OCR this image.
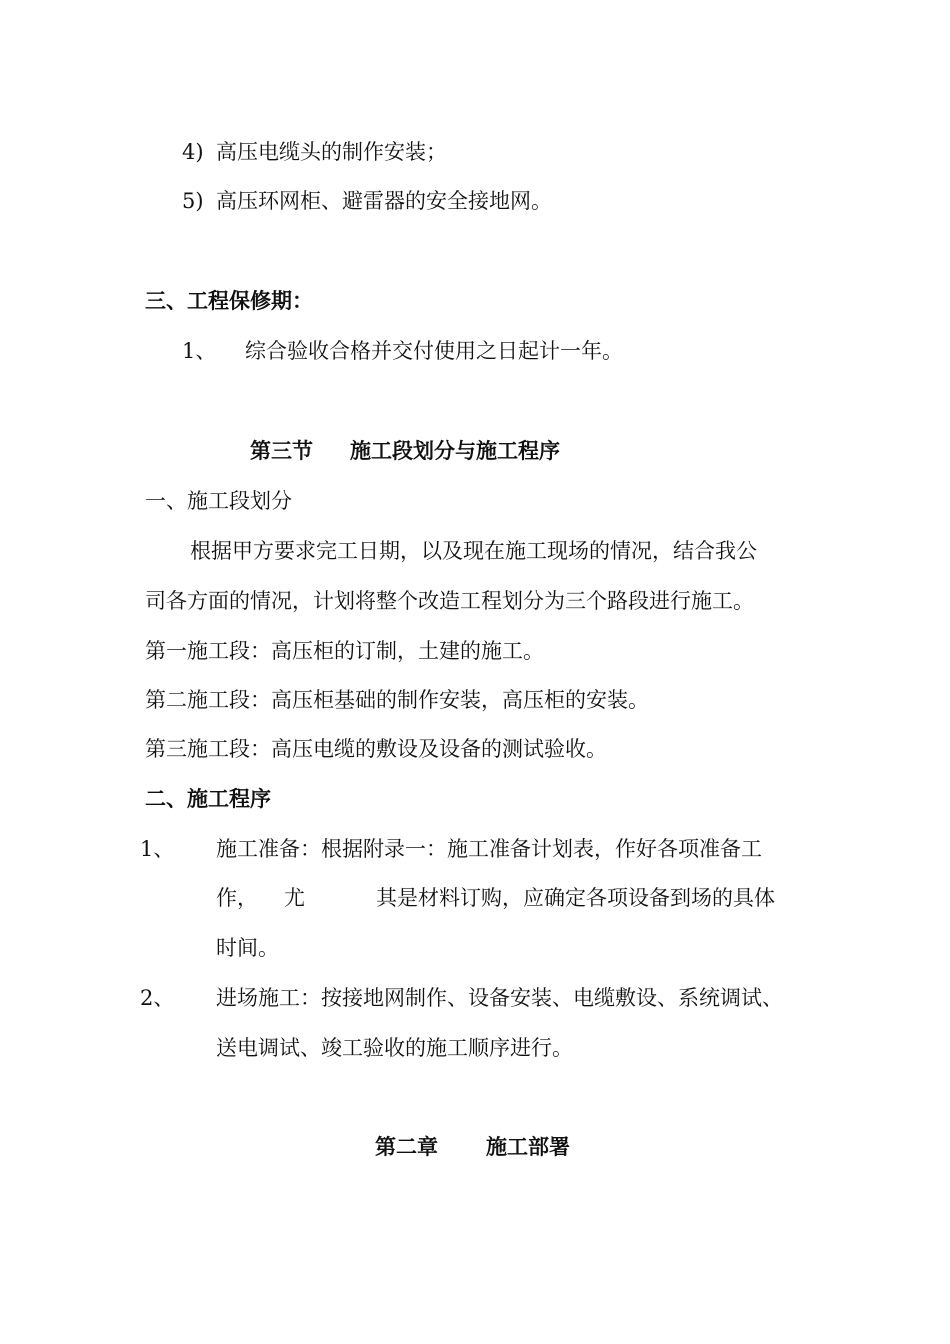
4) 高压电缆头的制作安装；
5) 高压环网柜、避雷器的安全接地网。
三、工程保修期：
1、 综合验收合格并交付使用之日起计一年。
第三节 施工段划分与施工程序
一、施工段划分
根据甲方要求完工日期，以及现在施工现场的情况，结合我公
司各方面的情况，计划将整个改造工程划分为三个路段进行施工。
第一施工段：高压柜的订制，土建的施工。
第二施工段：高压柜基础的制作安装，高压柜的安装。
第三施工段：高压电缆的敷设及设备的测试验收。
二、施工程序
1、 施工准备：根据附录一：施工准备计划表，作好各项准备工
作， 尤	其是材料订购，应确定各项设备到场的具体
时间。
2、 进场施工：按接地网制作、设备安装、电缆敷设、系统调试、
送电调试、竣工验收的施工顺序进行。
第二章 施工部署
